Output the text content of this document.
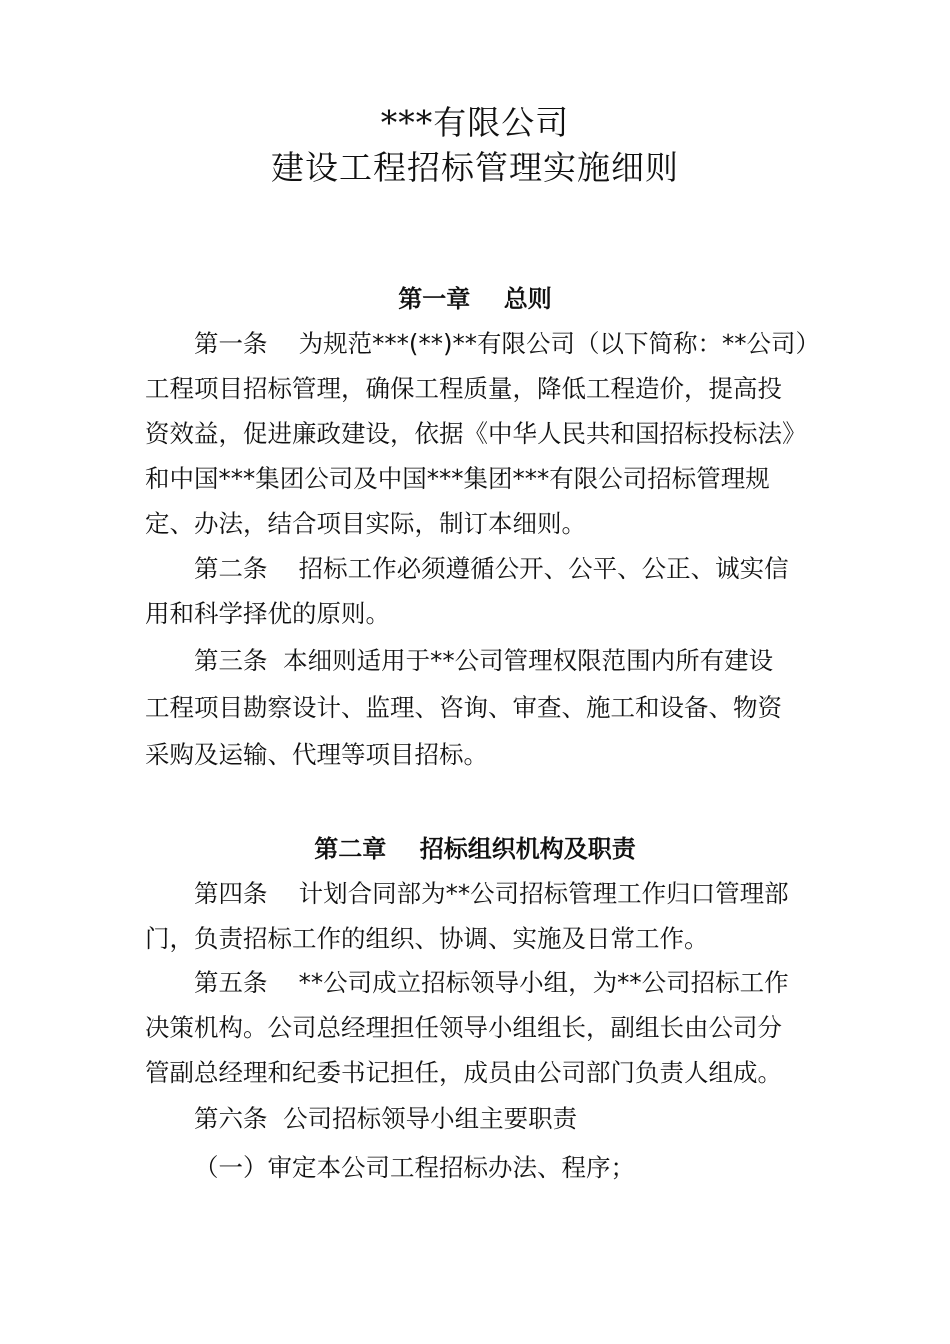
***有限公司
建设工程招标管理实施细则
第一章    总则
第一条    为规范***(**)**有限公司（以下简称：**公司）
工程项目招标管理，确保工程质量，降低工程造价，提高投
资效益，促进廉政建设，依据《中华人民共和国招标投标法》
和中国***集团公司及中国***集团***有限公司招标管理规
定、办法，结合项目实际，制订本细则。
第二条    招标工作必须遵循公开、公平、公正、诚实信
用和科学择优的原则。
第三条  本细则适用于**公司管理权限范围内所有建设
工程项目勘察设计、监理、咨询、审查、施工和设备、物资
采购及运输、代理等项目招标。
第二章    招标组织机构及职责
第四条    计划合同部为**公司招标管理工作归口管理部
门，负责招标工作的组织、协调、实施及日常工作。
第五条    **公司成立招标领导小组，为**公司招标工作
决策机构。公司总经理担任领导小组组长，副组长由公司分
管副总经理和纪委书记担任，成员由公司部门负责人组成。
第六条  公司招标领导小组主要职责
（一）审定本公司工程招标办法、程序；
